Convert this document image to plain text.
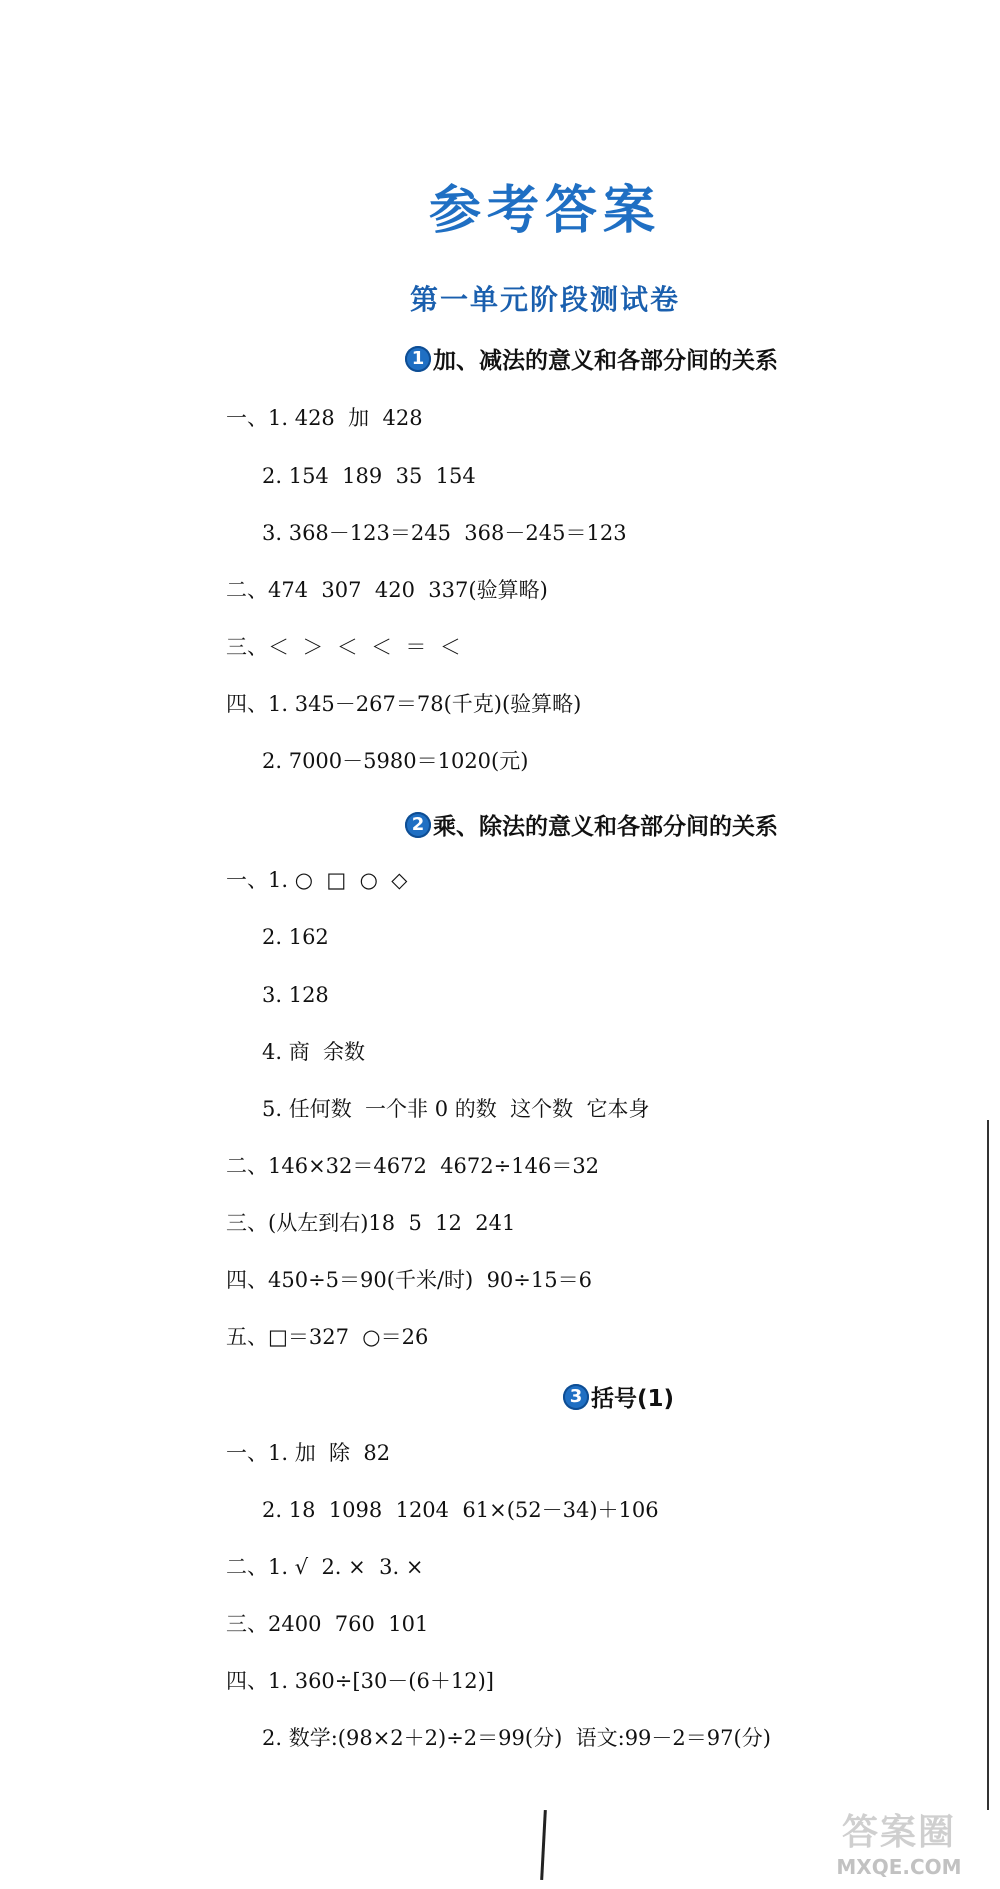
参考答案
第一单元阶段测试卷
1 加、减法的意义和各部分间的关系
一、1. 428  加  428
2. 154  189  35  154
3. 368－123＝245  368－245＝123
二、474  307  420  337(验算略)
三、＜  ＞  ＜  ＜  ＝  ＜
四、1. 345－267＝78(千克)(验算略)
2. 7000－5980＝1020(元)
2 乘、除法的意义和各部分间的关系
一、1. ○  □  ○  ◇
2. 162
3. 128
4. 商  余数
5. 任何数  一个非 0 的数  这个数  它本身
二、146×32＝4672  4672÷146＝32
三、(从左到右)18  5  12  241
四、450÷5＝90(千米/时)  90÷15＝6
五、□＝327  ○＝26
3 括号(1)
一、1. 加  除  82
2. 18  1098  1204  61×(52－34)＋106
二、1. √  2. ×  3. ×
三、2400  760  101
四、1. 360÷[30－(6＋12)]
2. 数学:(98×2＋2)÷2＝99(分)  语文:99－2＝97(分)
答案圈
MXQE.COM
